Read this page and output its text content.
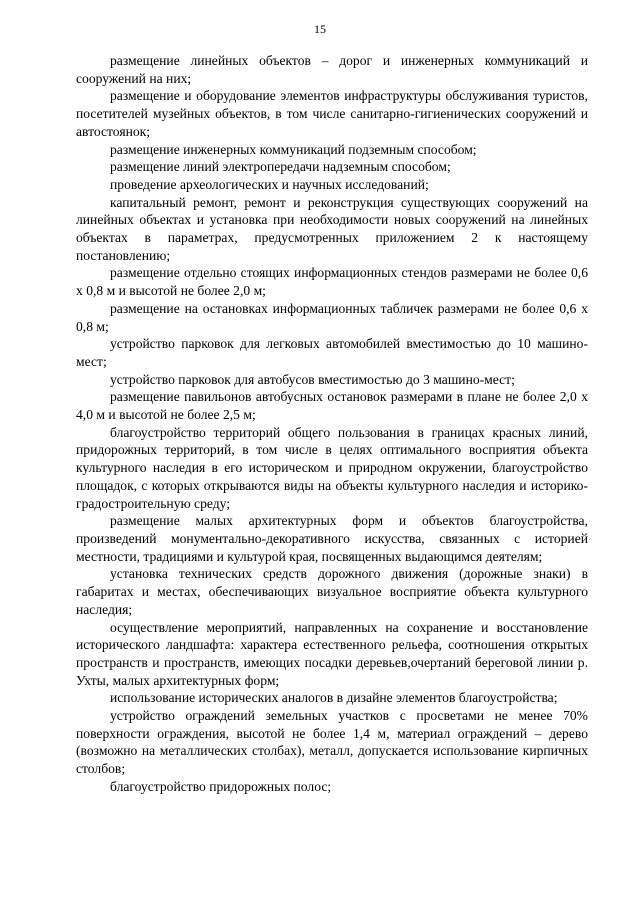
15

размещение линейных объектов – дорог и инженерных коммуникаций и сооружений на них;

размещение и оборудование элементов инфраструктуры обслуживания туристов, посетителей музейных объектов, в том числе санитарно-гигиенических сооружений и автостоянок;

размещение инженерных коммуникаций подземным способом;

размещение линий электропередачи надземным способом;

проведение археологических и научных исследований;

капитальный ремонт, ремонт и реконструкция существующих сооружений на линейных объектах и установка при необходимости новых сооружений на линейных объектах в параметрах, предусмотренных приложением 2 к настоящему постановлению;

размещение отдельно стоящих информационных стендов размерами не более 0,6 х 0,8 м и высотой не более 2,0 м;

размещение на остановках информационных табличек размерами не более 0,6 х 0,8 м;

устройство парковок для легковых автомобилей вместимостью до 10 машино-мест;

устройство парковок для автобусов вместимостью до 3 машино-мест;

размещение павильонов автобусных остановок размерами в плане не более 2,0 х 4,0 м и высотой не более 2,5 м;

благоустройство территорий общего пользования в границах красных линий, придорожных территорий, в том числе в целях оптимального восприятия объекта культурного наследия в его историческом и природном окружении, благоустройство площадок, с которых открываются виды на объекты культурного наследия и историко-градостроительную среду;

размещение малых архитектурных форм и объектов благоустройства, произведений монументально-декоративного искусства, связанных с историей местности, традициями и культурой края, посвященных выдающимся деятелям;

установка технических средств дорожного движения (дорожные знаки) в габаритах и местах, обеспечивающих визуальное восприятие объекта культурного наследия;

осуществление мероприятий, направленных на сохранение и восстановление исторического ландшафта: характера естественного рельефа, соотношения открытых пространств и пространств, имеющих посадки деревьев,очертаний береговой линии р. Ухты, малых архитектурных форм;

использование исторических аналогов в дизайне элементов благоустройства;

устройство ограждений земельных участков с просветами не менее 70% поверхности ограждения, высотой не более 1,4 м, материал ограждений – дерево (возможно на металлических столбах), металл, допускается использование кирпичных столбов;

благоустройство придорожных полос;
